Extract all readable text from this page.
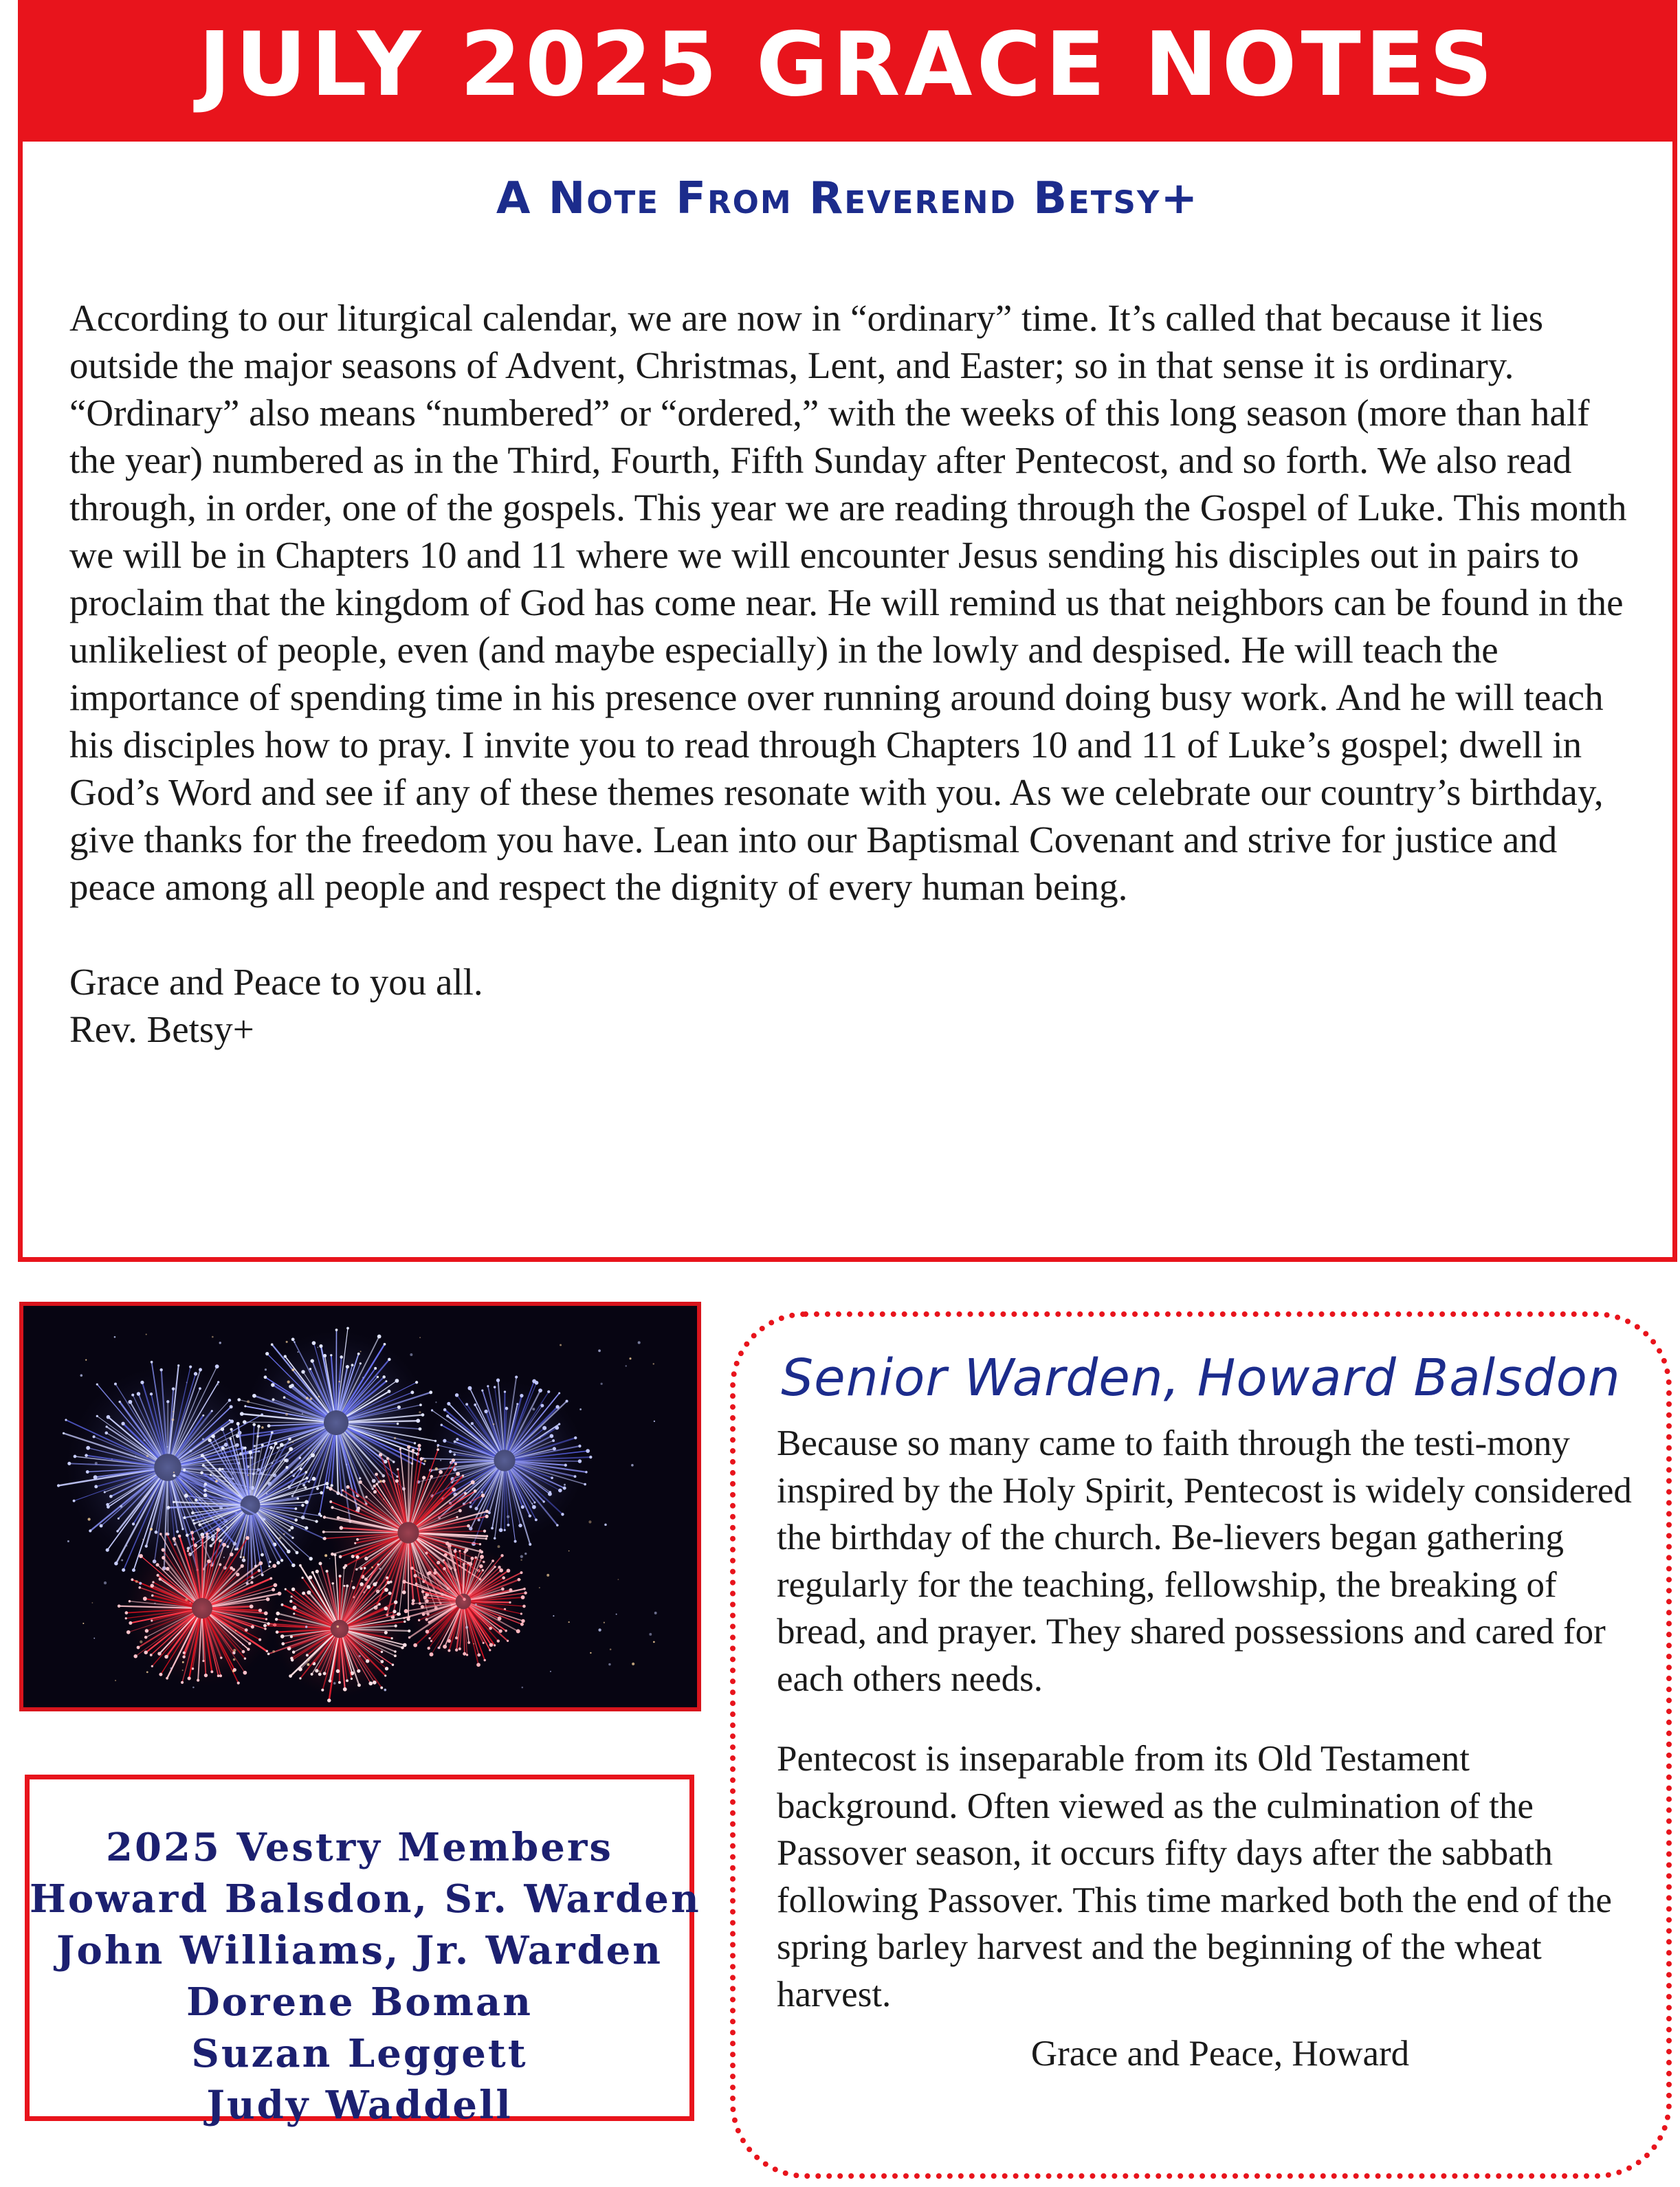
JULY 2025 GRACE NOTES
A Note From Reverend Betsy+

According to our liturgical calendar, we are now in “ordinary” time. It’s called that because it lies outside the major seasons of Advent, Christmas, Lent, and Easter; so in that sense it is ordinary. “Ordinary” also means “numbered” or “ordered,” with the weeks of this long season (more than half the year) numbered as in the Third, Fourth, Fifth Sunday after Pentecost, and so forth. We also read through, in order, one of the gospels. This year we are reading through the Gospel of Luke. This month we will be in Chapters 10 and 11 where we will encounter Jesus sending his disciples out in pairs to proclaim that the kingdom of God has come near. He will remind us that neighbors can be found in the unlikeliest of people, even (and maybe especially) in the lowly and despised. He will teach the importance of spending time in his presence over running around doing busy work. And he will teach his disciples how to pray. I invite you to read through Chapters 10 and 11 of Luke’s gospel; dwell in God’s Word and see if any of these themes resonate with you. As we celebrate our country’s birthday, give thanks for the freedom you have. Lean into our Baptismal Covenant and strive for justice and peace among all people and respect the dignity of every human being.

Grace and Peace to you all.

Rev. Betsy+

2025 Vestry Members
Howard Balsdon, Sr. Warden
John Williams, Jr. Warden
Dorene Boman
Suzan Leggett
Judy Waddell
Senior Warden, Howard Balsdon

Because so many came to faith through the testi-mony inspired by the Holy Spirit, Pentecost is widely considered the birthday of the church. Be-lievers began gathering regularly for the teaching, fellowship, the breaking of bread, and prayer. They shared possessions and cared for each others needs.

Pentecost is inseparable from its Old Testament background. Often viewed as the culmination of the Passover season, it occurs fifty days after the sabbath following Passover. This time marked both the end of the spring barley harvest and the beginning of the wheat harvest.

Grace and Peace, Howard
